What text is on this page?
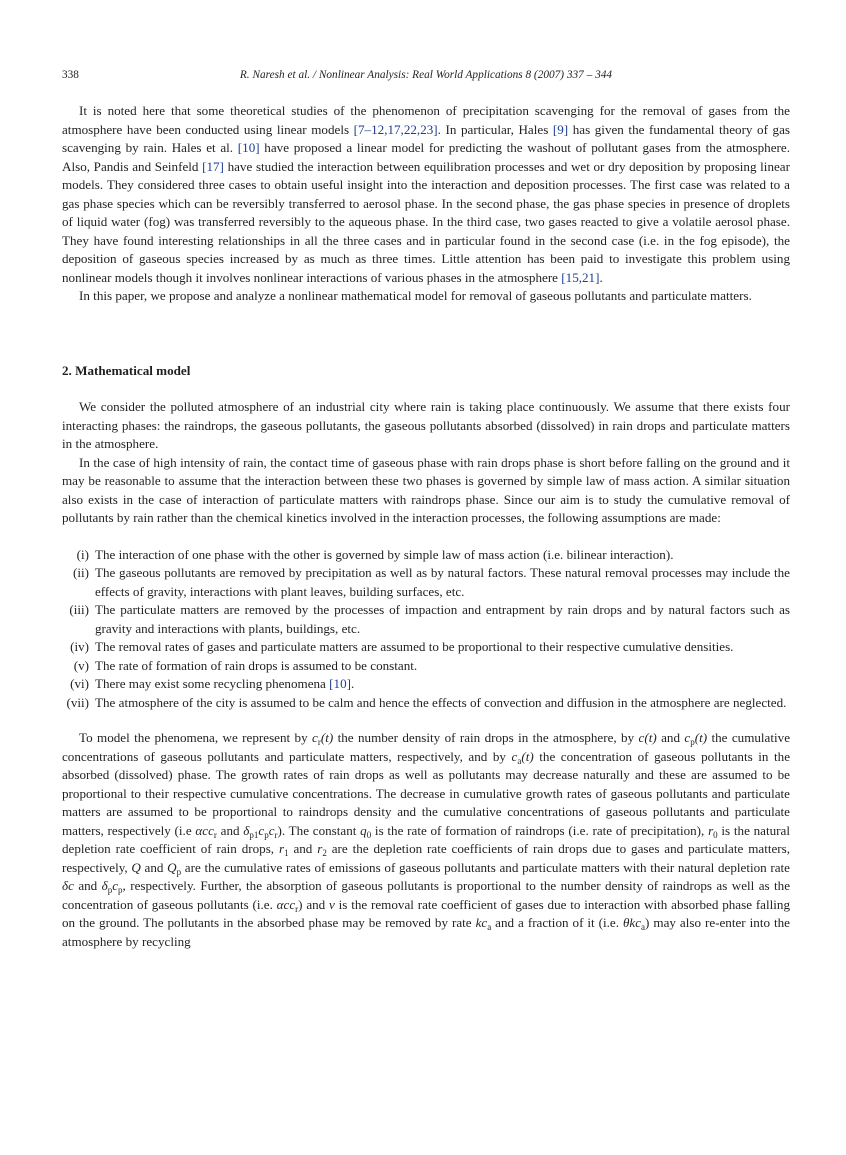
338	R. Naresh et al. / Nonlinear Analysis: Real World Applications 8 (2007) 337 – 344

It is noted here that some theoretical studies of the phenomenon of precipitation scavenging for the removal of gases from the atmosphere have been conducted using linear models [7–12,17,22,23]. In particular, Hales [9] has given the fundamental theory of gas scavenging by rain. Hales et al. [10] have proposed a linear model for predicting the washout of pollutant gases from the atmosphere. Also, Pandis and Seinfeld [17] have studied the interaction between equilibration processes and wet or dry deposition by proposing linear models. They considered three cases to obtain useful insight into the interaction and deposition processes. The first case was related to a gas phase species which can be reversibly transferred to aerosol phase. In the second phase, the gas phase species in presence of droplets of liquid water (fog) was transferred reversibly to the aqueous phase. In the third case, two gases reacted to give a volatile aerosol phase. They have found interesting relationships in all the three cases and in particular found in the second case (i.e. in the fog episode), the deposition of gaseous species increased by as much as three times. Little attention has been paid to investigate this problem using nonlinear models though it involves nonlinear interactions of various phases in the atmosphere [15,21].

In this paper, we propose and analyze a nonlinear mathematical model for removal of gaseous pollutants and particulate matters.

2. Mathematical model

We consider the polluted atmosphere of an industrial city where rain is taking place continuously. We assume that there exists four interacting phases: the raindrops, the gaseous pollutants, the gaseous pollutants absorbed (dissolved) in rain drops and particulate matters in the atmosphere.

In the case of high intensity of rain, the contact time of gaseous phase with rain drops phase is short before falling on the ground and it may be reasonable to assume that the interaction between these two phases is governed by simple law of mass action. A similar situation also exists in the case of interaction of particulate matters with raindrops phase. Since our aim is to study the cumulative removal of pollutants by rain rather than the chemical kinetics involved in the interaction processes, the following assumptions are made:

(i) The interaction of one phase with the other is governed by simple law of mass action (i.e. bilinear interaction).
(ii) The gaseous pollutants are removed by precipitation as well as by natural factors. These natural removal processes may include the effects of gravity, interactions with plant leaves, building surfaces, etc.
(iii) The particulate matters are removed by the processes of impaction and entrapment by rain drops and by natural factors such as gravity and interactions with plants, buildings, etc.
(iv) The removal rates of gases and particulate matters are assumed to be proportional to their respective cumulative densities.
(v) The rate of formation of rain drops is assumed to be constant.
(vi) There may exist some recycling phenomena [10].
(vii) The atmosphere of the city is assumed to be calm and hence the effects of convection and diffusion in the atmosphere are neglected.

To model the phenomena, we represent by $c_r(t)$ the number density of rain drops in the atmosphere, by c(t) and $c_p(t)$ the cumulative concentrations of gaseous pollutants and particulate matters, respectively, and by $c_a(t)$ the concentration of gaseous pollutants in the absorbed (dissolved) phase. The growth rates of rain drops as well as pollutants may decrease naturally and these are assumed to be proportional to their respective cumulative concentrations. The decrease in cumulative growth rates of gaseous pollutants and particulate matters are assumed to be proportional to raindrops density and the cumulative concentrations of gaseous pollutants and particulate matters, respectively (i.e αcc$_r$ and $\delta_{p1}c_pc_r$). The constant $q_0$ is the rate of formation of raindrops (i.e. rate of precipitation), $r_0$ is the natural depletion rate coefficient of rain drops, $r_1$ and $r_2$ are the depletion rate coefficients of rain drops due to gases and particulate matters, respectively, Q and $Q_p$ are the cumulative rates of emissions of gaseous pollutants and particulate matters with their natural depletion rate δc and $\delta_pc_p$, respectively. Further, the absorption of gaseous pollutants is proportional to the number density of raindrops as well as the concentration of gaseous pollutants (i.e. αcc$_r$) and v is the removal rate coefficient of gases due to interaction with absorbed phase falling on the ground. The pollutants in the absorbed phase may be removed by rate $kc_a$ and a fraction of it (i.e. θkc$_a$) may also re-enter into the atmosphere by recycling
